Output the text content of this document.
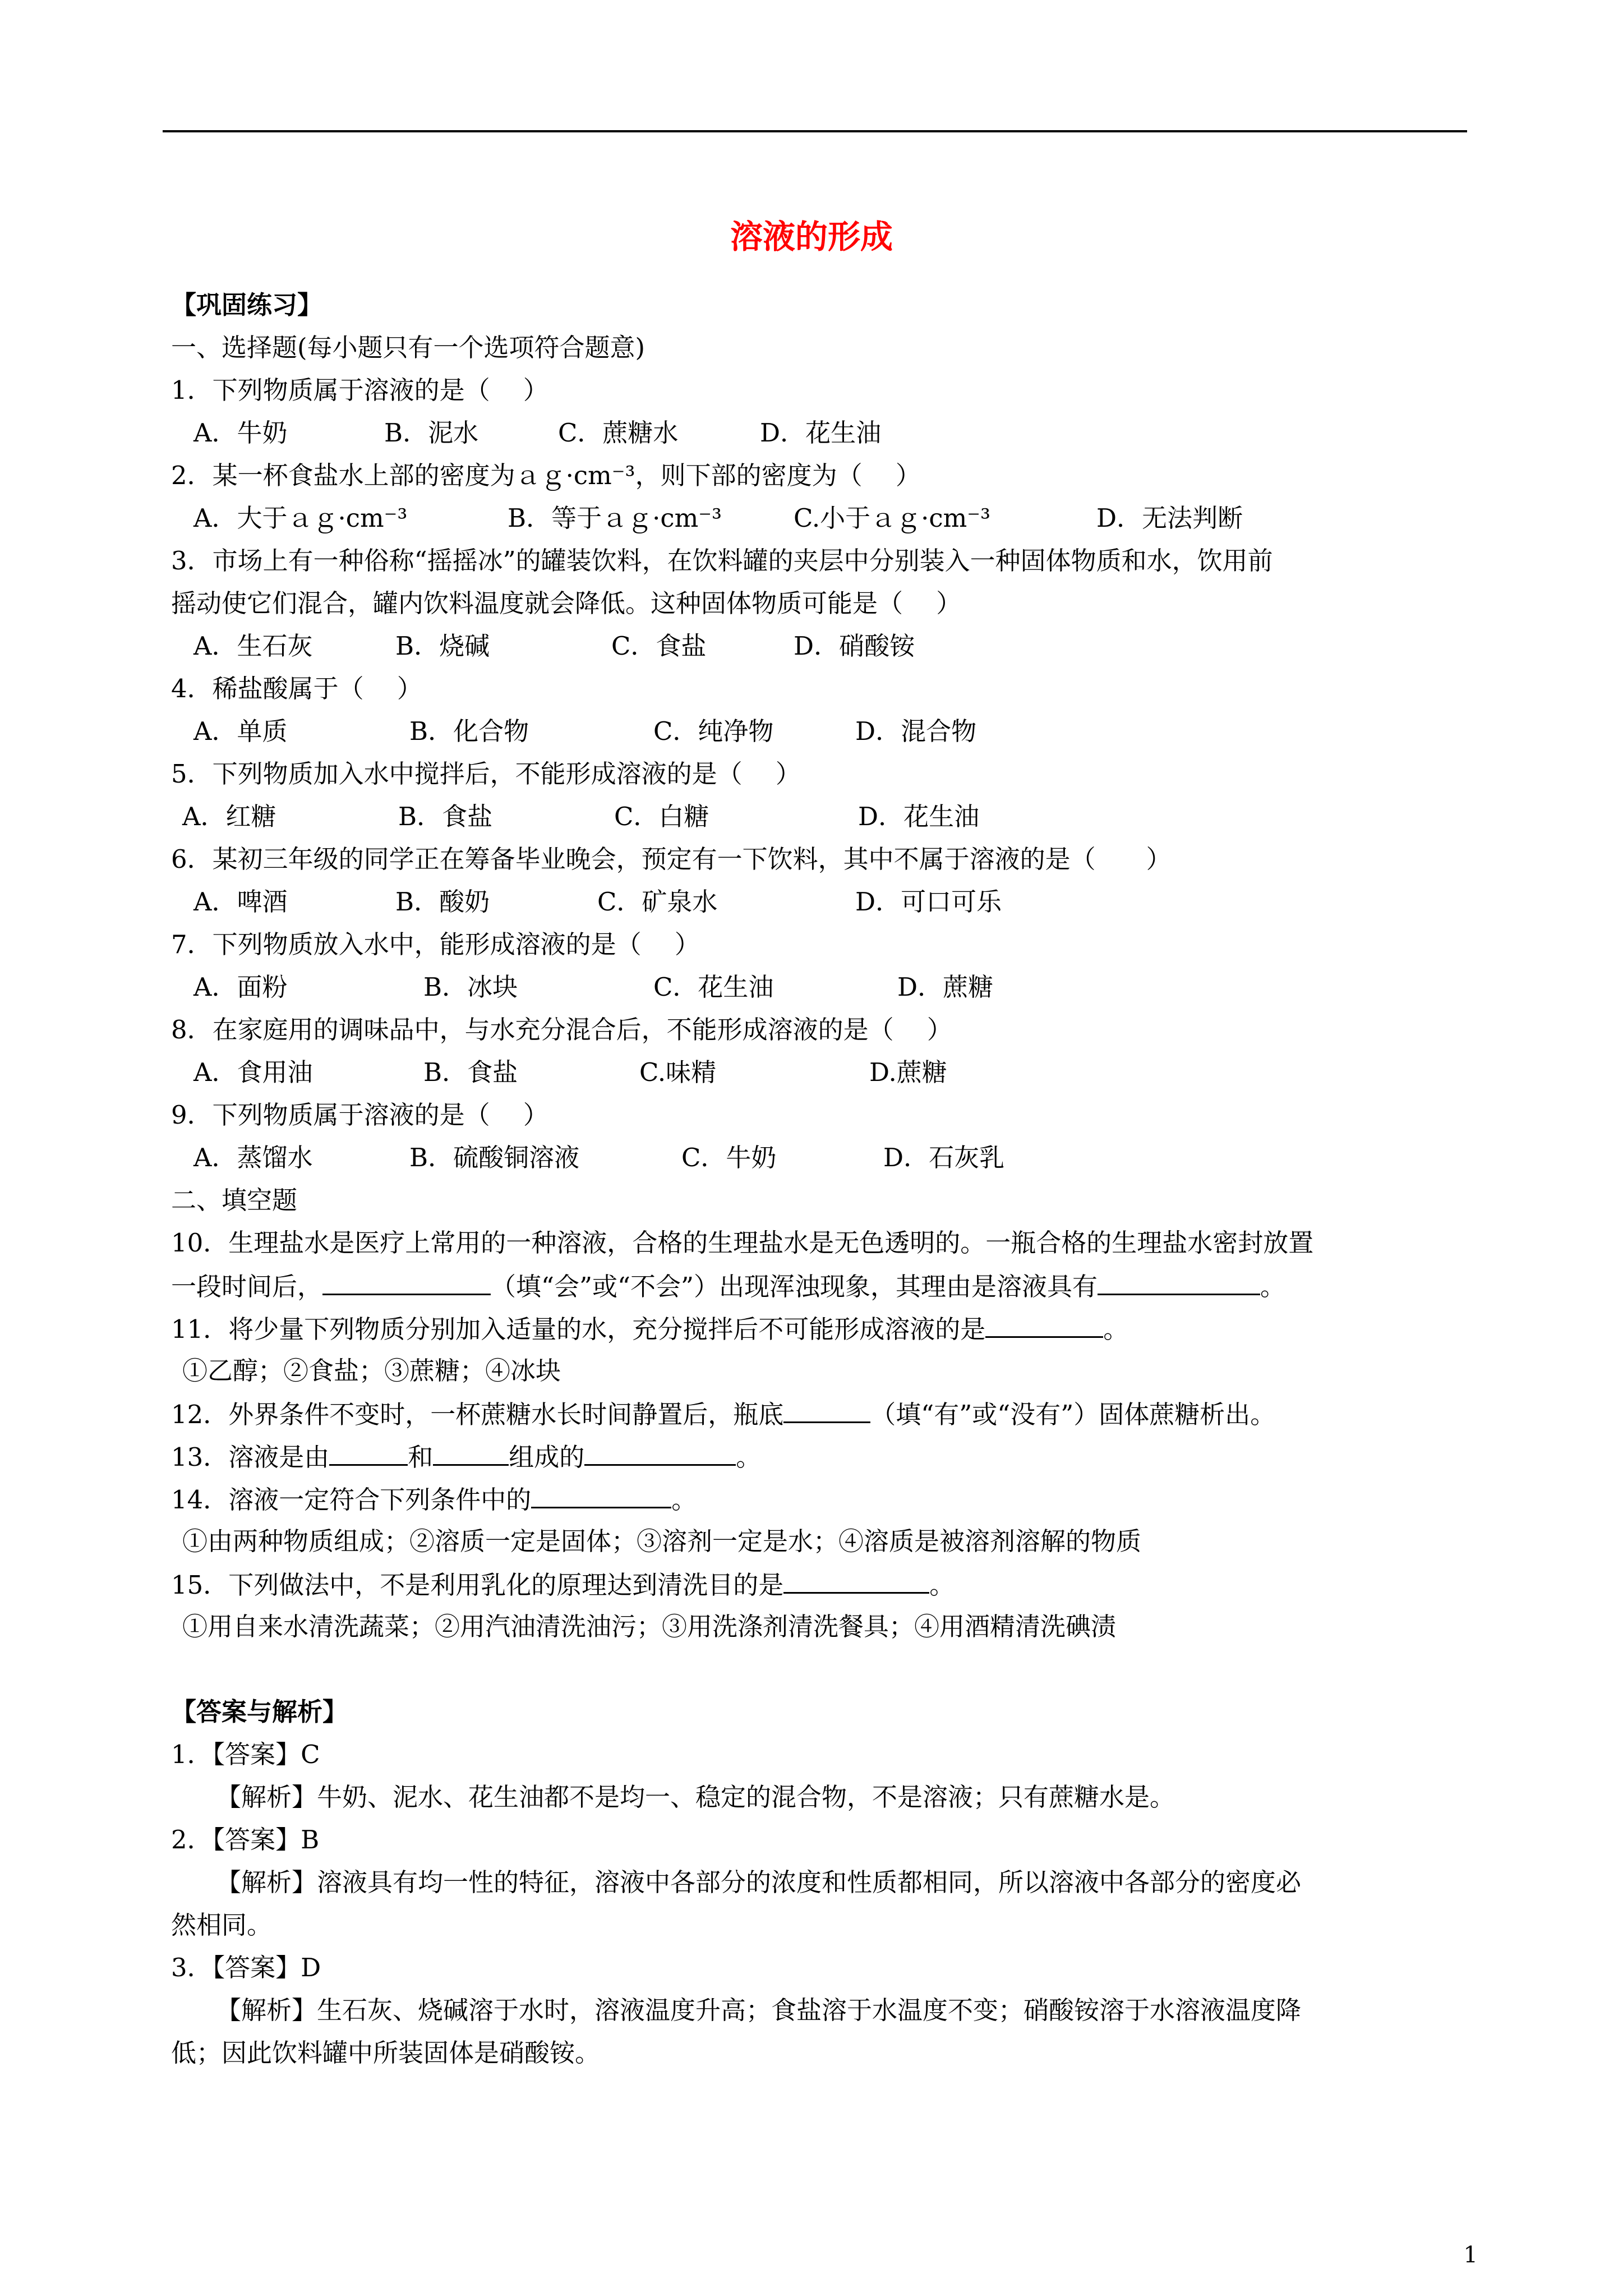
溶液的形成
【巩固练习】
一、选择题(每小题只有一个选项符合题意)
1．下列物质属于溶液的是（　 ）
A．牛奶	B．泥水	C．蔗糖水	D．花生油
2．某一杯食盐水上部的密度为ａｇ·cm⁻³，则下部的密度为（　 ）
A．大于ａｇ·cm⁻³	B．等于ａｇ·cm⁻³	C.小于ａｇ·cm⁻³	D．无法判断
3．市场上有一种俗称“摇摇冰”的罐装饮料，在饮料罐的夹层中分别装入一种固体物质和水，饮用前
摇动使它们混合，罐内饮料温度就会降低。这种固体物质可能是（　 ）
A．生石灰	B．烧碱	C．食盐	D．硝酸铵
4．稀盐酸属于（　 ）
A．单质	B．化合物	C．纯净物	D．混合物
5．下列物质加入水中搅拌后，不能形成溶液的是（　 ）
A．红糖	B．食盐	C．白糖	D．花生油
6．某初三年级的同学正在筹备毕业晚会，预定有一下饮料，其中不属于溶液的是（　　）
A．啤酒	B．酸奶	C．矿泉水	D．可口可乐
7．下列物质放入水中，能形成溶液的是（　 ）
A．面粉	B．冰块	C．花生油	D．蔗糖
8．在家庭用的调味品中，与水充分混合后，不能形成溶液的是（　 ）
A．食用油	B．食盐	C.味精	D.蔗糖
9．下列物质属于溶液的是（　 ）
A．蒸馏水	B．硫酸铜溶液	C．牛奶	D．石灰乳
二、填空题
10．生理盐水是医疗上常用的一种溶液，合格的生理盐水是无色透明的。一瓶合格的生理盐水密封放置
一段时间后，	（填“会”或“不会”）出现浑浊现象，其理由是溶液具有	。
11．将少量下列物质分别加入适量的水，充分搅拌后不可能形成溶液的是	。
①乙醇；②食盐；③蔗糖；④冰块
12．外界条件不变时，一杯蔗糖水长时间静置后，瓶底	（填“有”或“没有”）固体蔗糖析出。
13．溶液是由	和	组成的	。
14．溶液一定符合下列条件中的	。
①由两种物质组成；②溶质一定是固体；③溶剂一定是水；④溶质是被溶剂溶解的物质
15．下列做法中，不是利用乳化的原理达到清洗目的是	。
①用自来水清洗蔬菜；②用汽油清洗油污；③用洗涤剂清洗餐具；④用酒精清洗碘渍
【答案与解析】
1．【答案】C
【解析】牛奶、泥水、花生油都不是均一、稳定的混合物，不是溶液；只有蔗糖水是。
2．【答案】B
【解析】溶液具有均一性的特征，溶液中各部分的浓度和性质都相同，所以溶液中各部分的密度必
然相同。
3．【答案】D
【解析】生石灰、烧碱溶于水时，溶液温度升高；食盐溶于水温度不变；硝酸铵溶于水溶液温度降
低；因此饮料罐中所装固体是硝酸铵。
1
